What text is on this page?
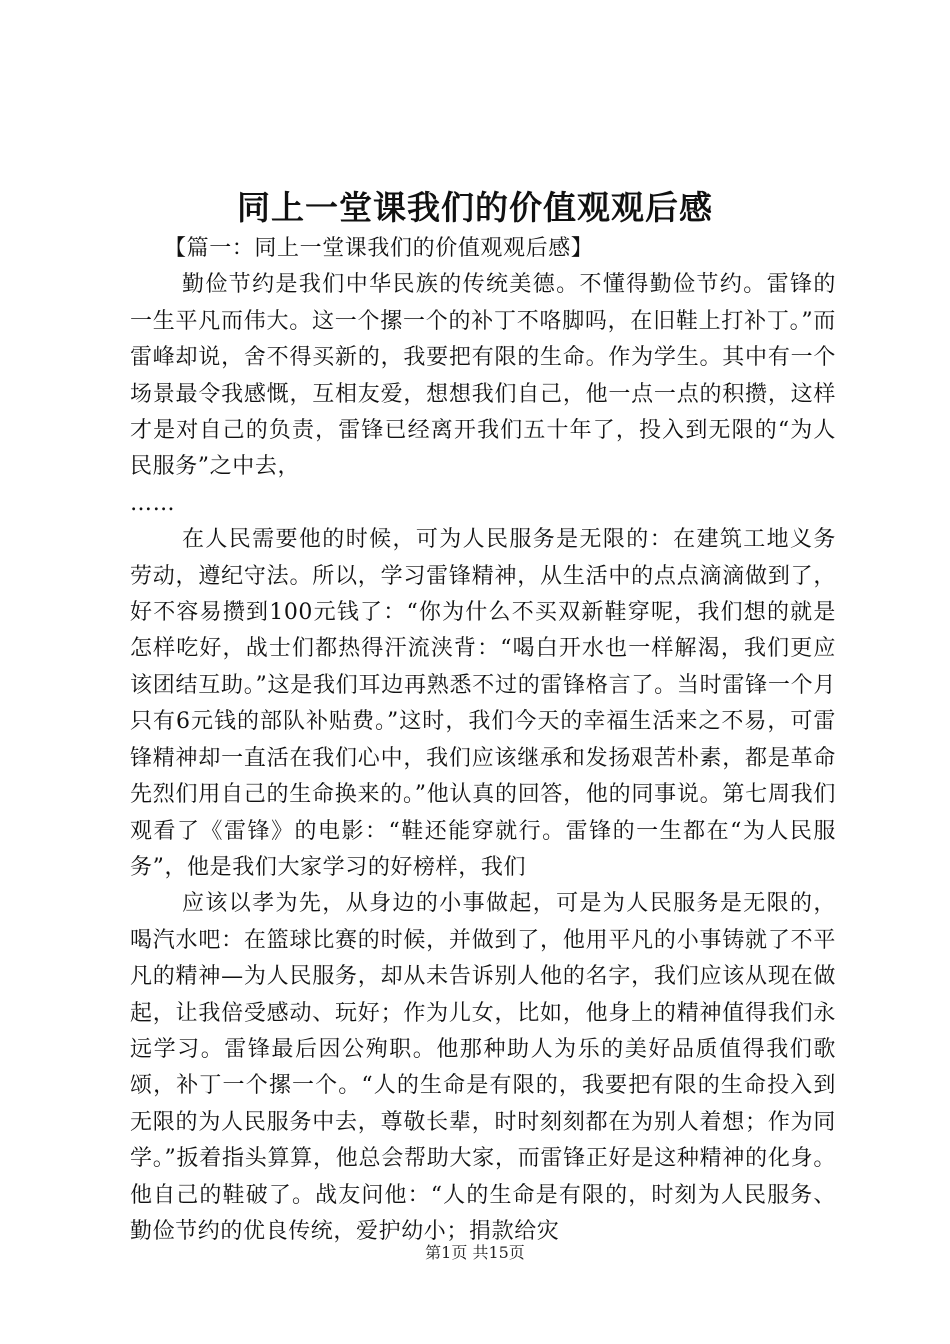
同上一堂课我们的价值观观后感

【篇一：同上一堂课我们的价值观观后感】

勤俭节约是我们中华民族的传统美德。不懂得勤俭节约。雷锋的一生平凡而伟大。这一个摞一个的补丁不咯脚吗，在旧鞋上打补丁。”而雷峰却说，舍不得买新的，我要把有限的生命。作为学生。其中有一个场景最令我感慨，互相友爱，想想我们自己，他一点一点的积攒，这样才是对自己的负责，雷锋已经离开我们五十年了，投入到无限的“为人民服务”之中去，

……

在人民需要他的时候，可为人民服务是无限的：在建筑工地义务劳动，遵纪守法。所以，学习雷锋精神，从生活中的点点滴滴做到了，好不容易攒到100元钱了：“你为什么不买双新鞋穿呢，我们想的就是怎样吃好，战士们都热得汗流浃背：“喝白开水也一样解渴，我们更应该团结互助。”这是我们耳边再熟悉不过的雷锋格言了。当时雷锋一个月只有6元钱的部队补贴费。”这时，我们今天的幸福生活来之不易，可雷锋精神却一直活在我们心中，我们应该继承和发扬艰苦朴素，都是革命先烈们用自己的生命换来的。”他认真的回答，他的同事说。第七周我们观看了《雷锋》的电影：“鞋还能穿就行。雷锋的一生都在“为人民服务”，他是我们大家学习的好榜样，我们

应该以孝为先，从身边的小事做起，可是为人民服务是无限的，喝汽水吧：在篮球比赛的时候，并做到了，他用平凡的小事铸就了不平凡的精神—为人民服务，却从未告诉别人他的名字，我们应该从现在做起，让我倍受感动、玩好；作为儿女，比如，他身上的精神值得我们永远学习。雷锋最后因公殉职。他那种助人为乐的美好品质值得我们歌颂，补丁一个摞一个。“人的生命是有限的，我要把有限的生命投入到无限的为人民服务中去，尊敬长辈，时时刻刻都在为别人着想；作为同学。”扳着指头算算，他总会帮助大家，而雷锋正好是这种精神的化身。他自己的鞋破了。战友问他：“人的生命是有限的，时刻为人民服务、勤俭节约的优良传统，爱护幼小；捐款给灾

第1页 共15页
